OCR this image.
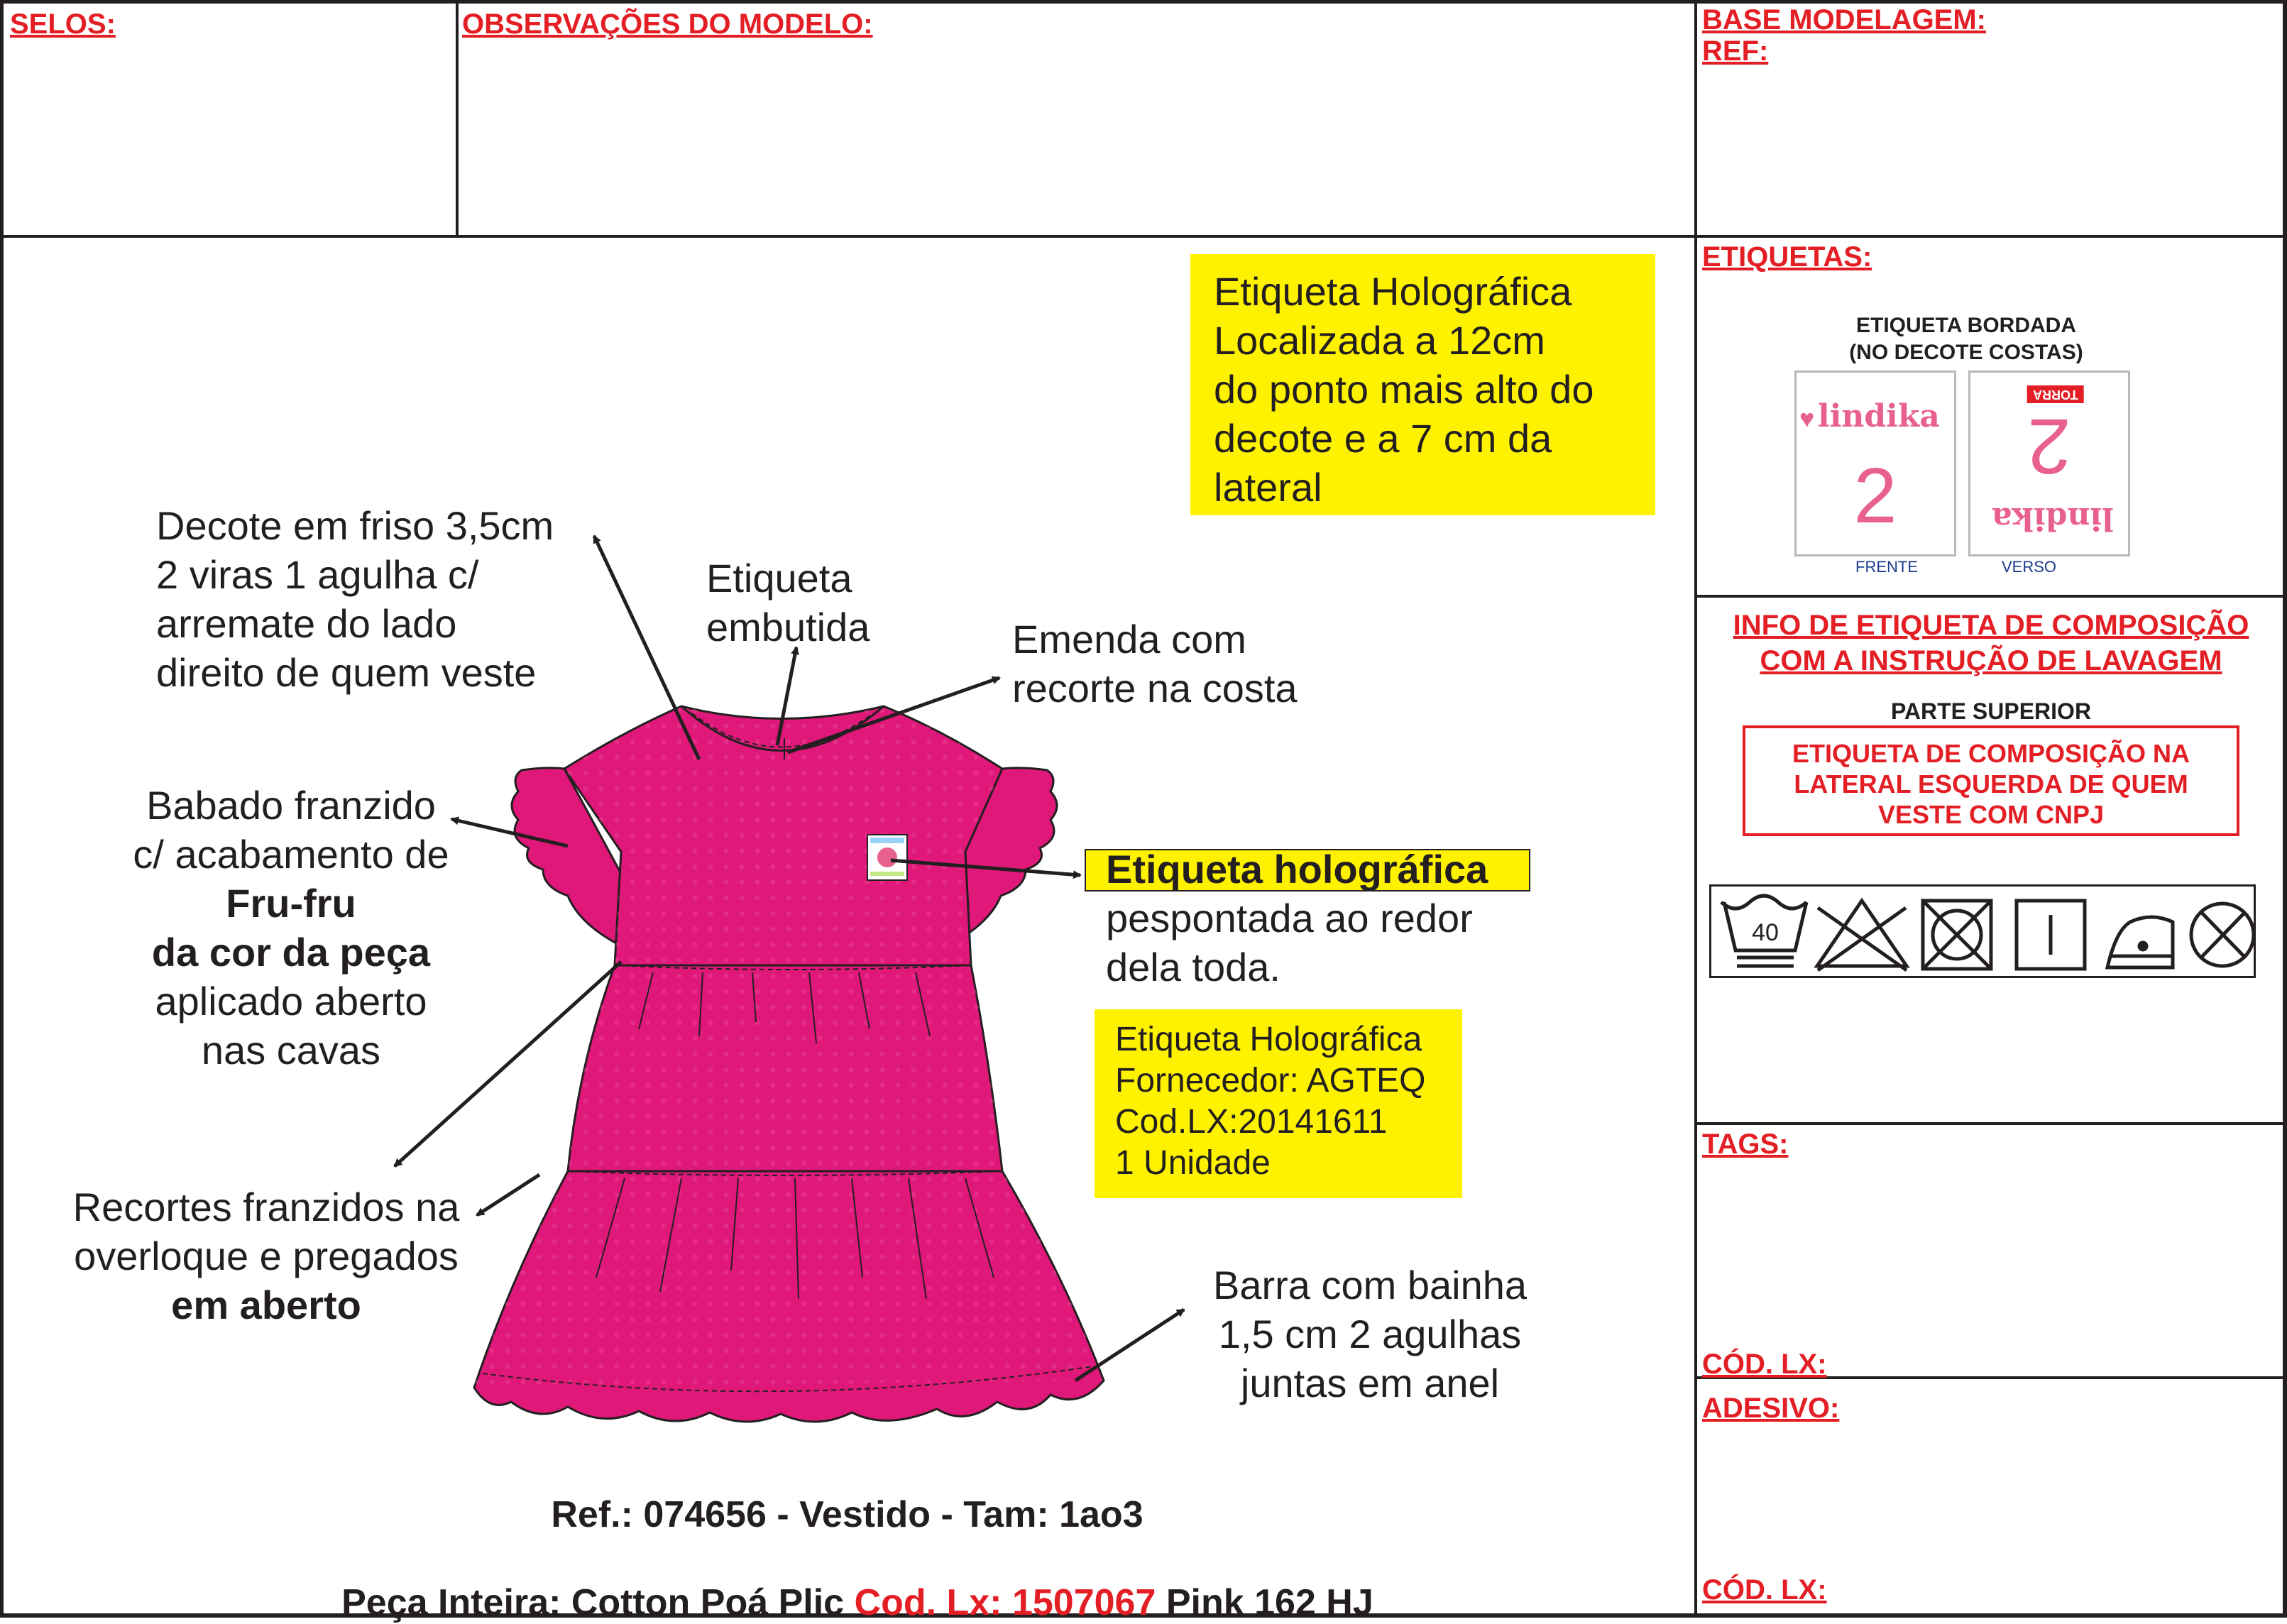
SELOS:	OBSERVAÇÕES DO MODELO:	BASE MODELAGEM:
REF:
ETIQUETAS:
ETIQUETA BORDADA
(NO DECOTE COSTAS)
lindika
♥
2
TORRA
2
lindika
FRENTE	VERSO
INFO DE ETIQUETA DE COMPOSIÇÃO
COM A INSTRUÇÃO DE LAVAGEM
PARTE SUPERIOR
ETIQUETA DE COMPOSIÇÃO NA
LATERAL ESQUERDA DE QUEM
VESTE COM CNPJ
40
TAGS:
CÓD. LX:
ADESIVO:
CÓD. LX:
Etiqueta Holográfica
Localizada a 12cm
do ponto mais alto do
decote e a 7 cm da
lateral
Decote em friso 3,5cm
2 viras 1 agulha c/
arremate do lado
direito de quem veste
Etiqueta
embutida	Emenda com
recorte na costa
Babado franzido
c/ acabamento de
Fru-fru
da cor da peça
aplicado aberto
nas cavas
Etiqueta holográfica
pespontada ao redor
dela toda.
Etiqueta Holográfica
Fornecedor: AGTEQ
Cod.LX:20141611
1 Unidade
Recortes franzidos na
overloque e pregados
em aberto	Barra com bainha
1,5 cm 2 agulhas
juntas em anel
Ref.: 074656 - Vestido - Tam: 1ao3

Peça Inteira: Cotton Poá Plic Cod. Lx: 1507067 Pink 162 HJ
